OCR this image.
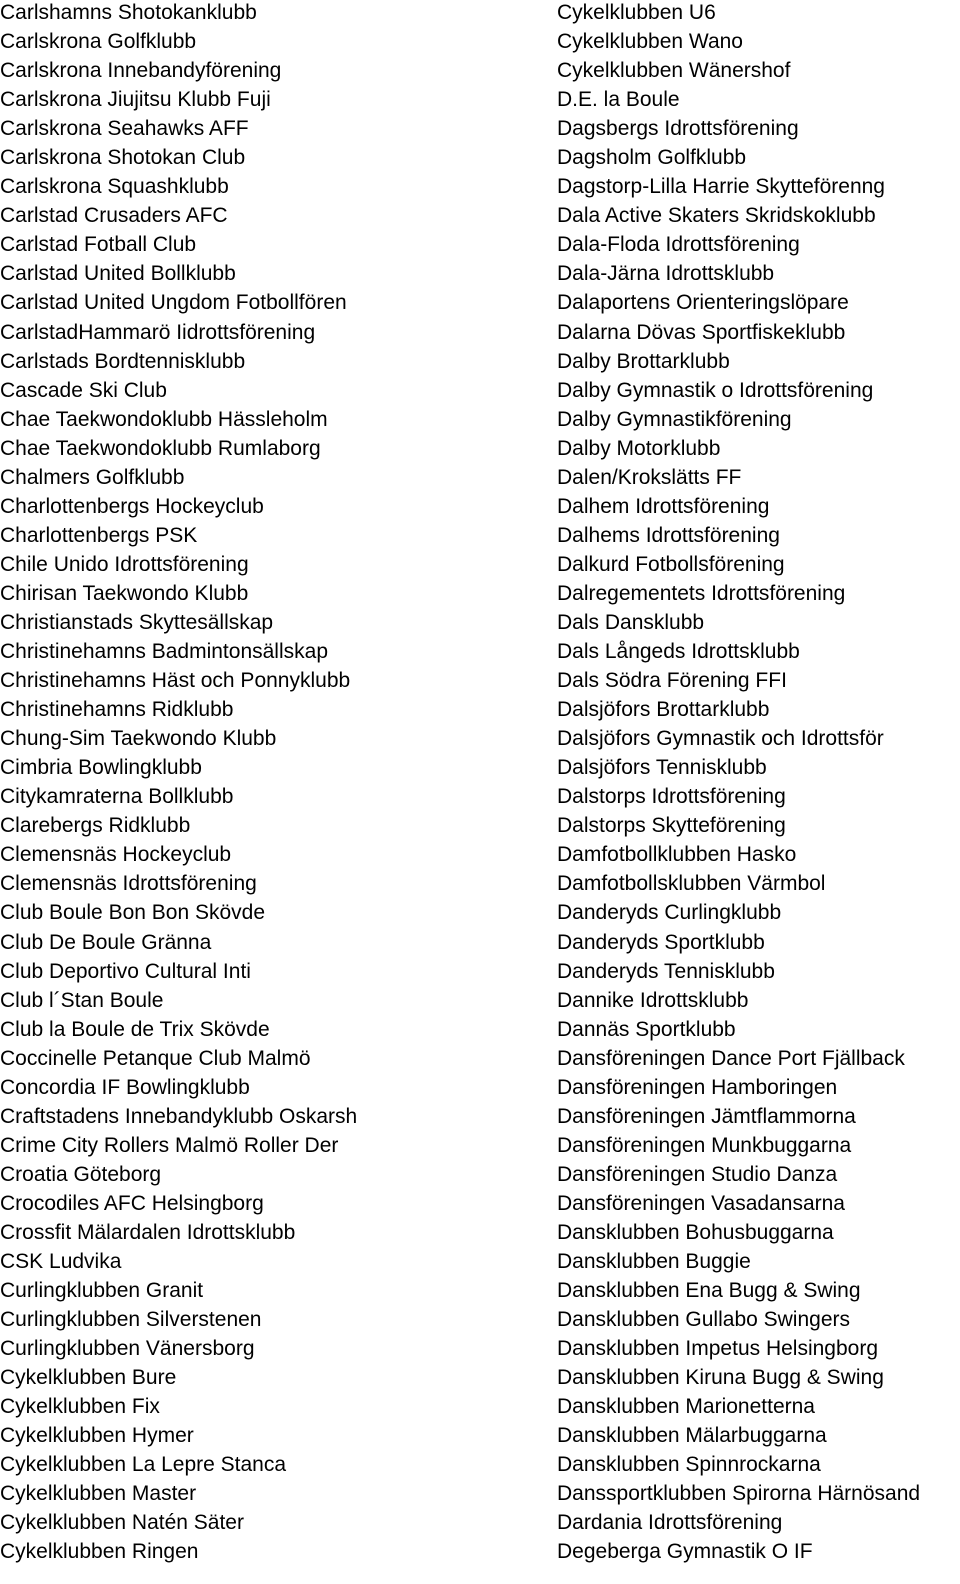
Carlshamns Shotokanklubb
Carlskrona Golfklubb
Carlskrona Innebandyförening
Carlskrona Jiujitsu Klubb Fuji
Carlskrona Seahawks AFF
Carlskrona Shotokan Club
Carlskrona Squashklubb
Carlstad Crusaders AFC
Carlstad Fotball Club
Carlstad United Bollklubb
Carlstad United Ungdom Fotbollfören
CarlstadHammarö Iidrottsförening
Carlstads Bordtennisklubb
Cascade Ski Club
Chae Taekwondoklubb Hässleholm
Chae Taekwondoklubb Rumlaborg
Chalmers Golfklubb
Charlottenbergs Hockeyclub
Charlottenbergs PSK
Chile Unido Idrottsförening
Chirisan Taekwondo Klubb
Christianstads Skyttesällskap
Christinehamns Badmintonsällskap
Christinehamns Häst och Ponnyklubb
Christinehamns Ridklubb
Chung-Sim Taekwondo Klubb
Cimbria Bowlingklubb
Citykamraterna Bollklubb
Clarebergs Ridklubb
Clemensnäs Hockeyclub
Clemensnäs Idrottsförening
Club Boule Bon Bon Skövde
Club De Boule Gränna
Club Deportivo Cultural Inti
Club l´Stan Boule
Club la Boule de Trix Skövde
Coccinelle Petanque Club Malmö
Concordia IF Bowlingklubb
Craftstadens Innebandyklubb Oskarsh
Crime City Rollers Malmö Roller Der
Croatia Göteborg
Crocodiles AFC Helsingborg
Crossfit Mälardalen Idrottsklubb
CSK Ludvika
Curlingklubben Granit
Curlingklubben Silverstenen
Curlingklubben Vänersborg
Cykelklubben Bure
Cykelklubben Fix
Cykelklubben Hymer
Cykelklubben La Lepre Stanca
Cykelklubben Master
Cykelklubben Natén Säter
Cykelklubben Ringen
Cykelklubben U6
Cykelklubben Wano
Cykelklubben Wänershof
D.E. la Boule
Dagsbergs Idrottsförening
Dagsholm Golfklubb
Dagstorp-Lilla Harrie Skytteförenng
Dala Active Skaters Skridskoklubb
Dala-Floda Idrottsförening
Dala-Järna Idrottsklubb
Dalaportens Orienteringslöpare
Dalarna Dövas Sportfiskeklubb
Dalby Brottarklubb
Dalby Gymnastik o Idrottsförening
Dalby Gymnastikförening
Dalby Motorklubb
Dalen/Krokslätts FF
Dalhem Idrottsförening
Dalhems Idrottsförening
Dalkurd Fotbollsförening
Dalregementets Idrottsförening
Dals Dansklubb
Dals Långeds Idrottsklubb
Dals Södra Förening FFI
Dalsjöfors Brottarklubb
Dalsjöfors Gymnastik och Idrottsför
Dalsjöfors Tennisklubb
Dalstorps Idrottsförening
Dalstorps Skytteförening
Damfotbollklubben Hasko
Damfotbollsklubben Värmbol
Danderyds Curlingklubb
Danderyds Sportklubb
Danderyds Tennisklubb
Dannike Idrottsklubb
Dannäs Sportklubb
Dansföreningen Dance Port Fjällback
Dansföreningen Hamboringen
Dansföreningen Jämtflammorna
Dansföreningen Munkbuggarna
Dansföreningen Studio Danza
Dansföreningen Vasadansarna
Dansklubben Bohusbuggarna
Dansklubben Buggie
Dansklubben Ena Bugg & Swing
Dansklubben Gullabo Swingers
Dansklubben Impetus Helsingborg
Dansklubben Kiruna Bugg & Swing
Dansklubben Marionetterna
Dansklubben Mälarbuggarna
Dansklubben Spinnrockarna
Danssportklubben Spirorna Härnösand
Dardania Idrottsförening
Degeberga Gymnastik O IF
